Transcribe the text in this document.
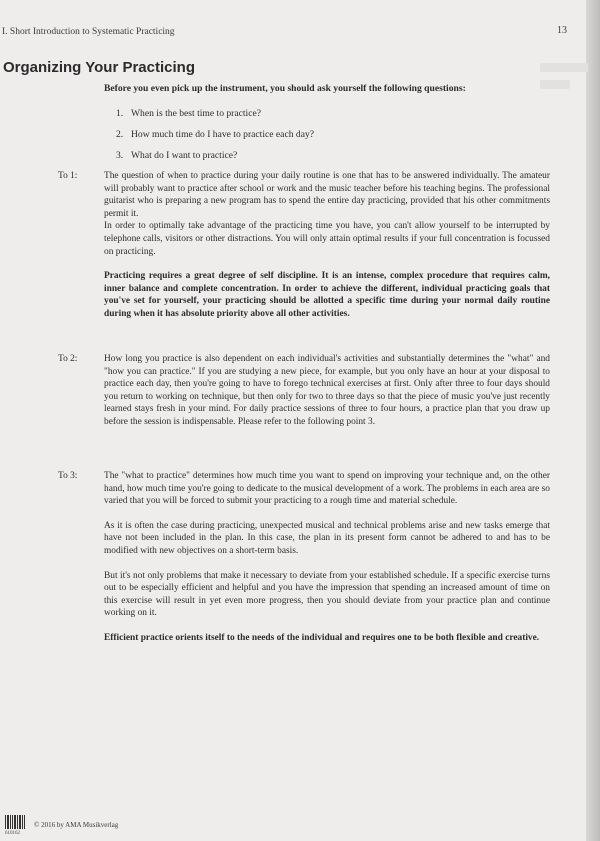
I. Short Introduction to Systematic Practicing	13
Organizing Your Practicing
Before you even pick up the instrument, you should ask yourself the following questions:
1. When is the best time to practice?
2. How much time do I have to practice each day?
3. What do I want to practice?
To 1:	The question of when to practice during your daily routine is one that has to be answered individually. The amateur will probably want to practice after school or work and the music teacher before his teaching begins. The professional guitarist who is preparing a new program has to spend the entire day practicing, provided that his other commitments permit it.

In order to optimally take advantage of the practicing time you have, you can't allow yourself to be interrupted by telephone calls, visitors or other distractions. You will only attain optimal results if your full concentration is focussed on practicing.

Practicing requires a great degree of self discipline. It is an intense, complex procedure that requires calm, inner balance and complete concentration. In order to achieve the different, individual practicing goals that you've set for yourself, your practicing should be allotted a specific time during your normal daily routine during when it has absolute priority above all other activities.

To 2:	How long you practice is also dependent on each individual's activities and substantially determines the "what" and "how you can practice." If you are studying a new piece, for example, but you only have an hour at your disposal to practice each day, then you're going to have to forego technical exercises at first. Only after three to four days should you return to working on technique, but then only for two to three days so that the piece of music you've just recently learned stays fresh in your mind. For daily practice sessions of three to four hours, a practice plan that you draw up before the session is indispensable. Please refer to the following point 3.

To 3:	The "what to practice" determines how much time you want to spend on improving your technique and, on the other hand, how much time you're going to dedicate to the musical development of a work. The problems in each area are so varied that you will be forced to submit your practicing to a rough time and material schedule.

As it is often the case during practicing, unexpected musical and technical problems arise and new tasks emerge that have not been included in the plan. In this case, the plan in its present form cannot be adhered to and has to be modified with new objectives on a short-term basis.

But it's not only problems that make it necessary to deviate from your established schedule. If a specific exercise turns out to be especially efficient and helpful and you have the impression that spending an increased amount of time on this exercise will result in yet even more progress, then you should deviate from your practice plan and continue working on it.

Efficient practice orients itself to the needs of the individual and requires one to be both flexible and creative.

© 2016 by AMA Musikverlag
610162
